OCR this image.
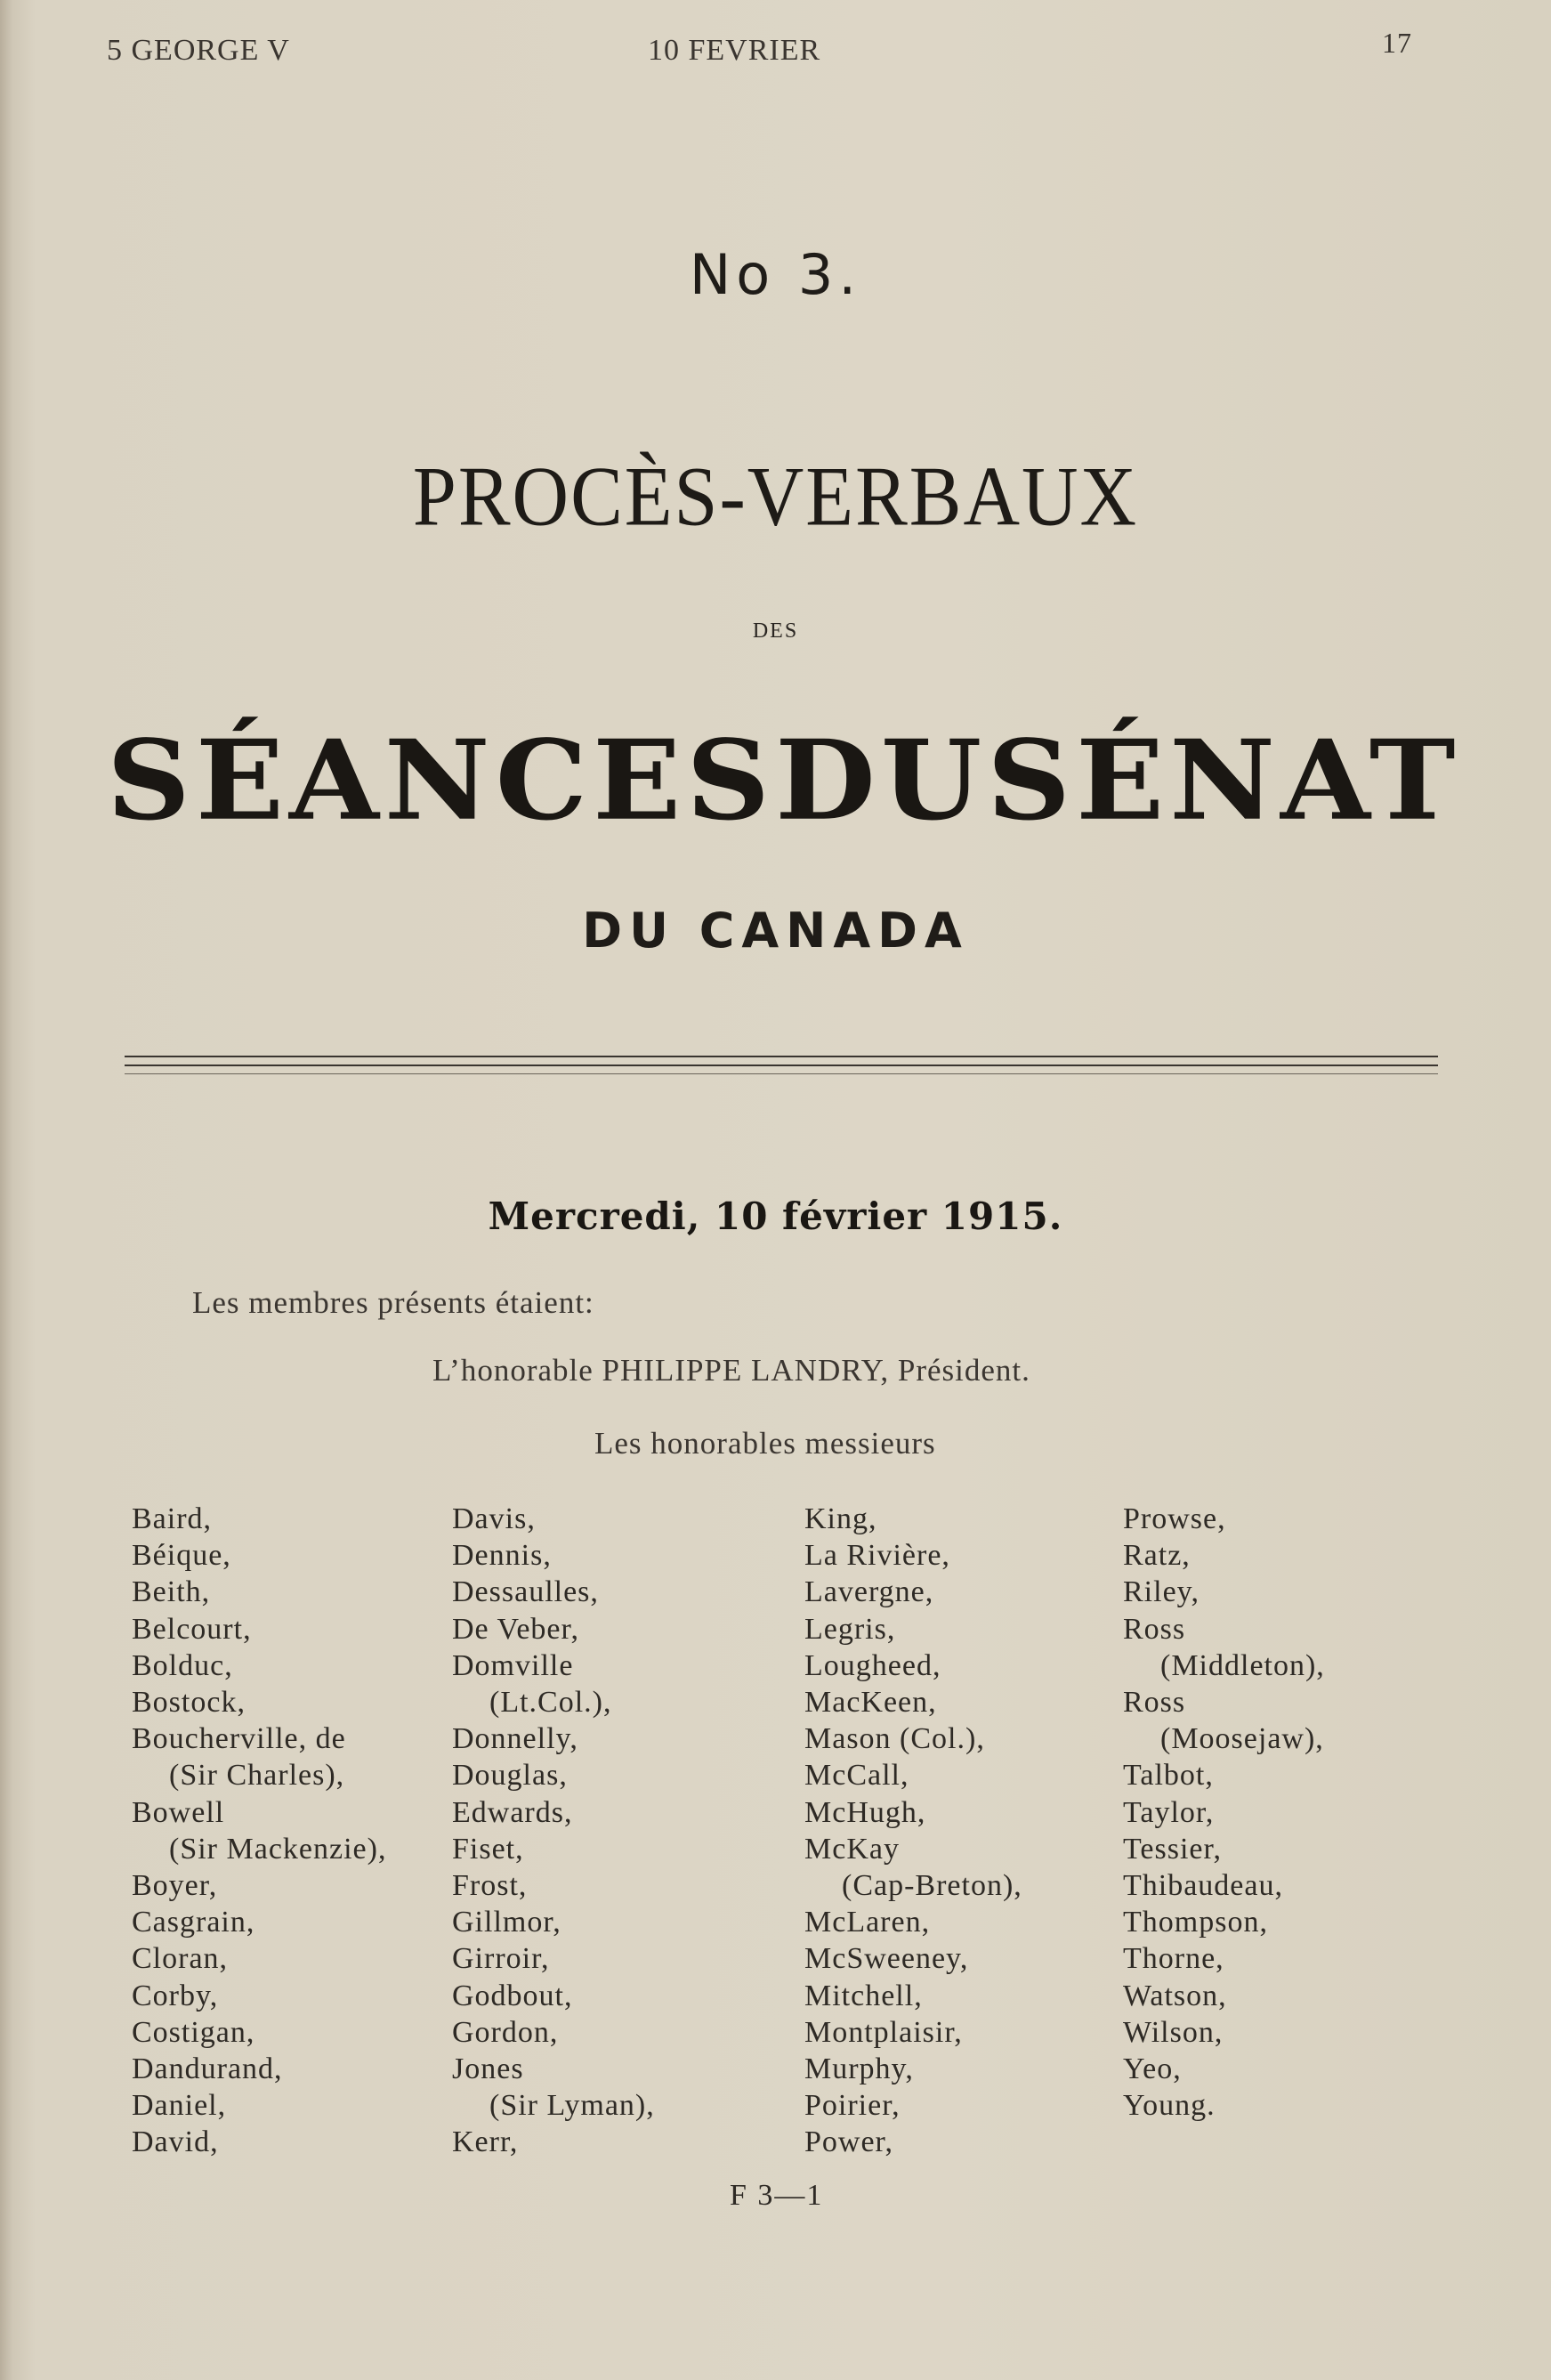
5 GEORGE V	10 FEVRIER	17
No 3.
PROCÈS-VERBAUX
DES
SÉANCES DU SÉNAT
DU CANADA
Mercredi, 10 février 1915.
Les membres présents étaient:
L’honorable PHILIPPE LANDRY, Président.
Les honorables messieurs
Baird,
Béique,
Beith,
Belcourt,
Bolduc,
Bostock,
Boucherville, de
(Sir Charles),
Bowell
(Sir Mackenzie),
Boyer,
Casgrain,
Cloran,
Corby,
Costigan,
Dandurand,
Daniel,
David,
Davis,
Dennis,
Dessaulles,
De Veber,
Domville
(Lt.Col.),
Donnelly,
Douglas,
Edwards,
Fiset,
Frost,
Gillmor,
Girroir,
Godbout,
Gordon,
Jones
(Sir Lyman),
Kerr,
King,
La Rivière,
Lavergne,
Legris,
Lougheed,
MacKeen,
Mason (Col.),
McCall,
McHugh,
McKay
(Cap-Breton),
McLaren,
McSweeney,
Mitchell,
Montplaisir,
Murphy,
Poirier,
Power,
Prowse,
Ratz,
Riley,
Ross
(Middleton),
Ross
(Moosejaw),
Talbot,
Taylor,
Tessier,
Thibaudeau,
Thompson,
Thorne,
Watson,
Wilson,
Yeo,
Young.
F 3—1
